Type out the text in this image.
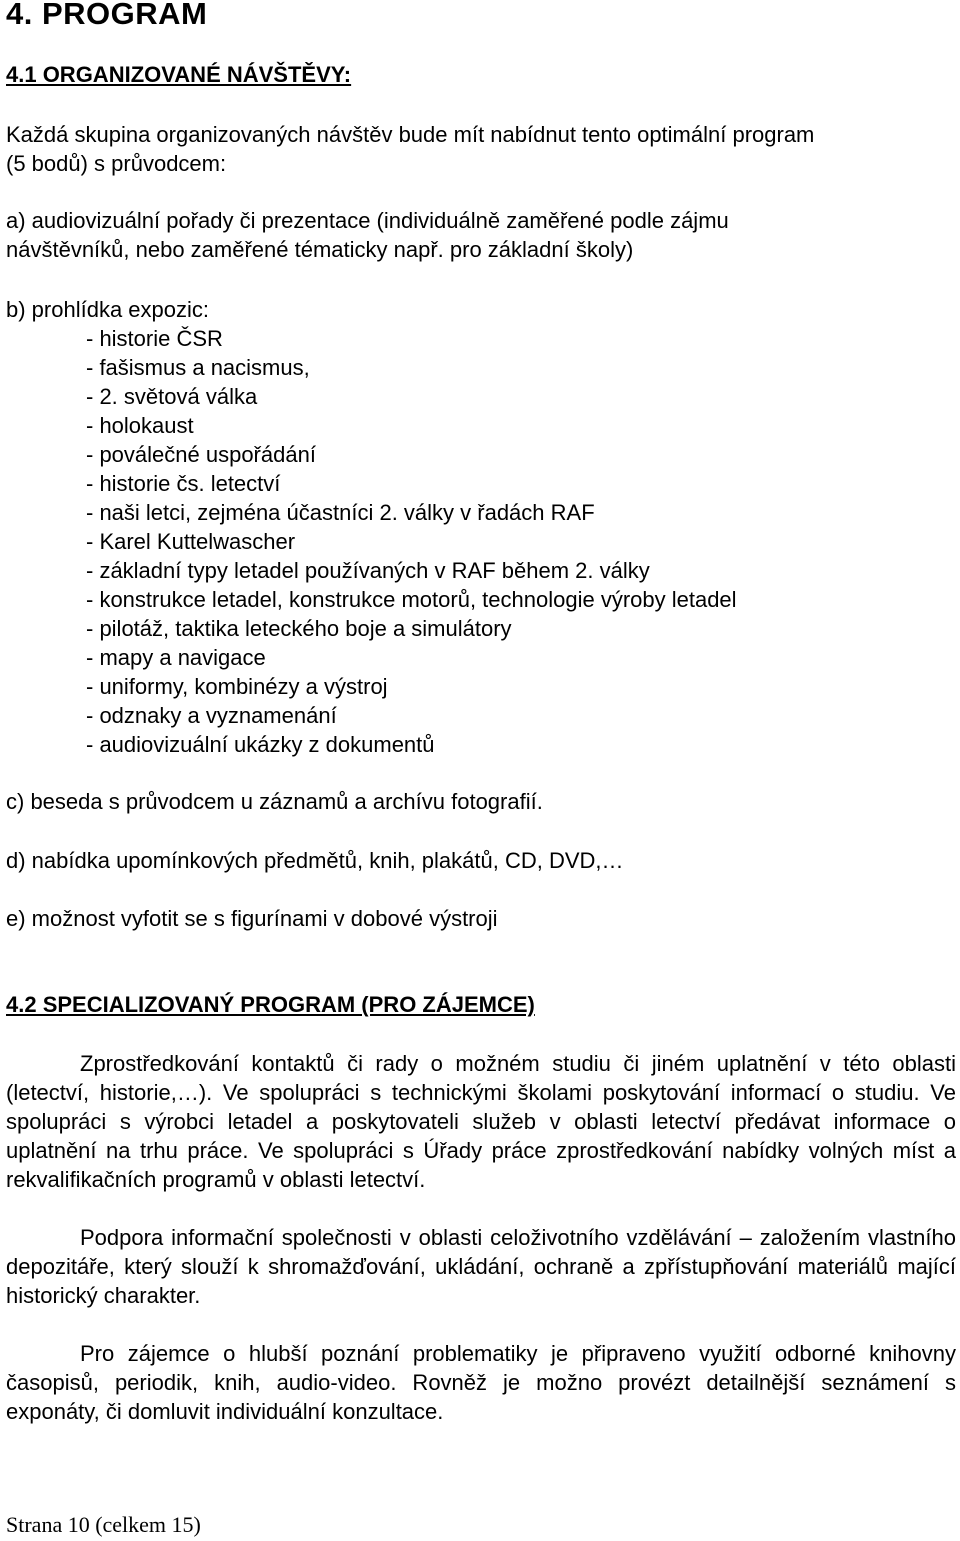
4. PROGRAM
4.1 ORGANIZOVANÉ NÁVŠTĚVY:

Každá skupina organizovaných návštěv bude mít nabídnut tento optimální program

(5 bodů) s průvodcem:

a) audiovizuální pořady či prezentace (individuálně zaměřené podle zájmu

návštěvníků, nebo zaměřené tématicky např. pro základní školy)

b) prohlídka expozic:

- historie ČSR

- fašismus a nacismus,

- 2. světová válka

- holokaust

- poválečné uspořádání

- historie čs. letectví

- naši letci, zejména účastníci 2. války v řadách RAF

- Karel Kuttelwascher

- základní typy letadel používaných v RAF během 2. války

- konstrukce letadel, konstrukce motorů, technologie výroby letadel

- pilotáž, taktika leteckého boje a simulátory

- mapy a navigace

- uniformy, kombinézy a výstroj

- odznaky a vyznamenání

- audiovizuální ukázky z dokumentů

c) beseda s průvodcem u záznamů a archívu fotografií.

d) nabídka upomínkových předmětů, knih, plakátů, CD, DVD,…

e) možnost vyfotit se s figurínami v dobové výstroji

4.2 SPECIALIZOVANÝ PROGRAM (PRO ZÁJEMCE)

Zprostředkování kontaktů či rady o možném studiu či jiném uplatnění v této oblasti (letectví, historie,…). Ve spolupráci s technickými školami poskytování informací o studiu. Ve spolupráci s výrobci letadel a poskytovateli služeb v oblasti letectví předávat informace o uplatnění na trhu práce. Ve spolupráci s Úřady práce zprostředkování nabídky volných míst a rekvalifikačních programů v oblasti letectví.

Podpora informační společnosti v oblasti celoživotního vzdělávání – založením vlastního depozitáře, který slouží k shromažďování, ukládání, ochraně a zpřístupňování materiálů mající historický charakter.

Pro zájemce o hlubší poznání problematiky je připraveno využití odborné knihovny časopisů, periodik, knih, audio-video. Rovněž je možno provézt detailnější seznámení s exponáty, či domluvit individuální konzultace.

Strana 10 (celkem 15)
